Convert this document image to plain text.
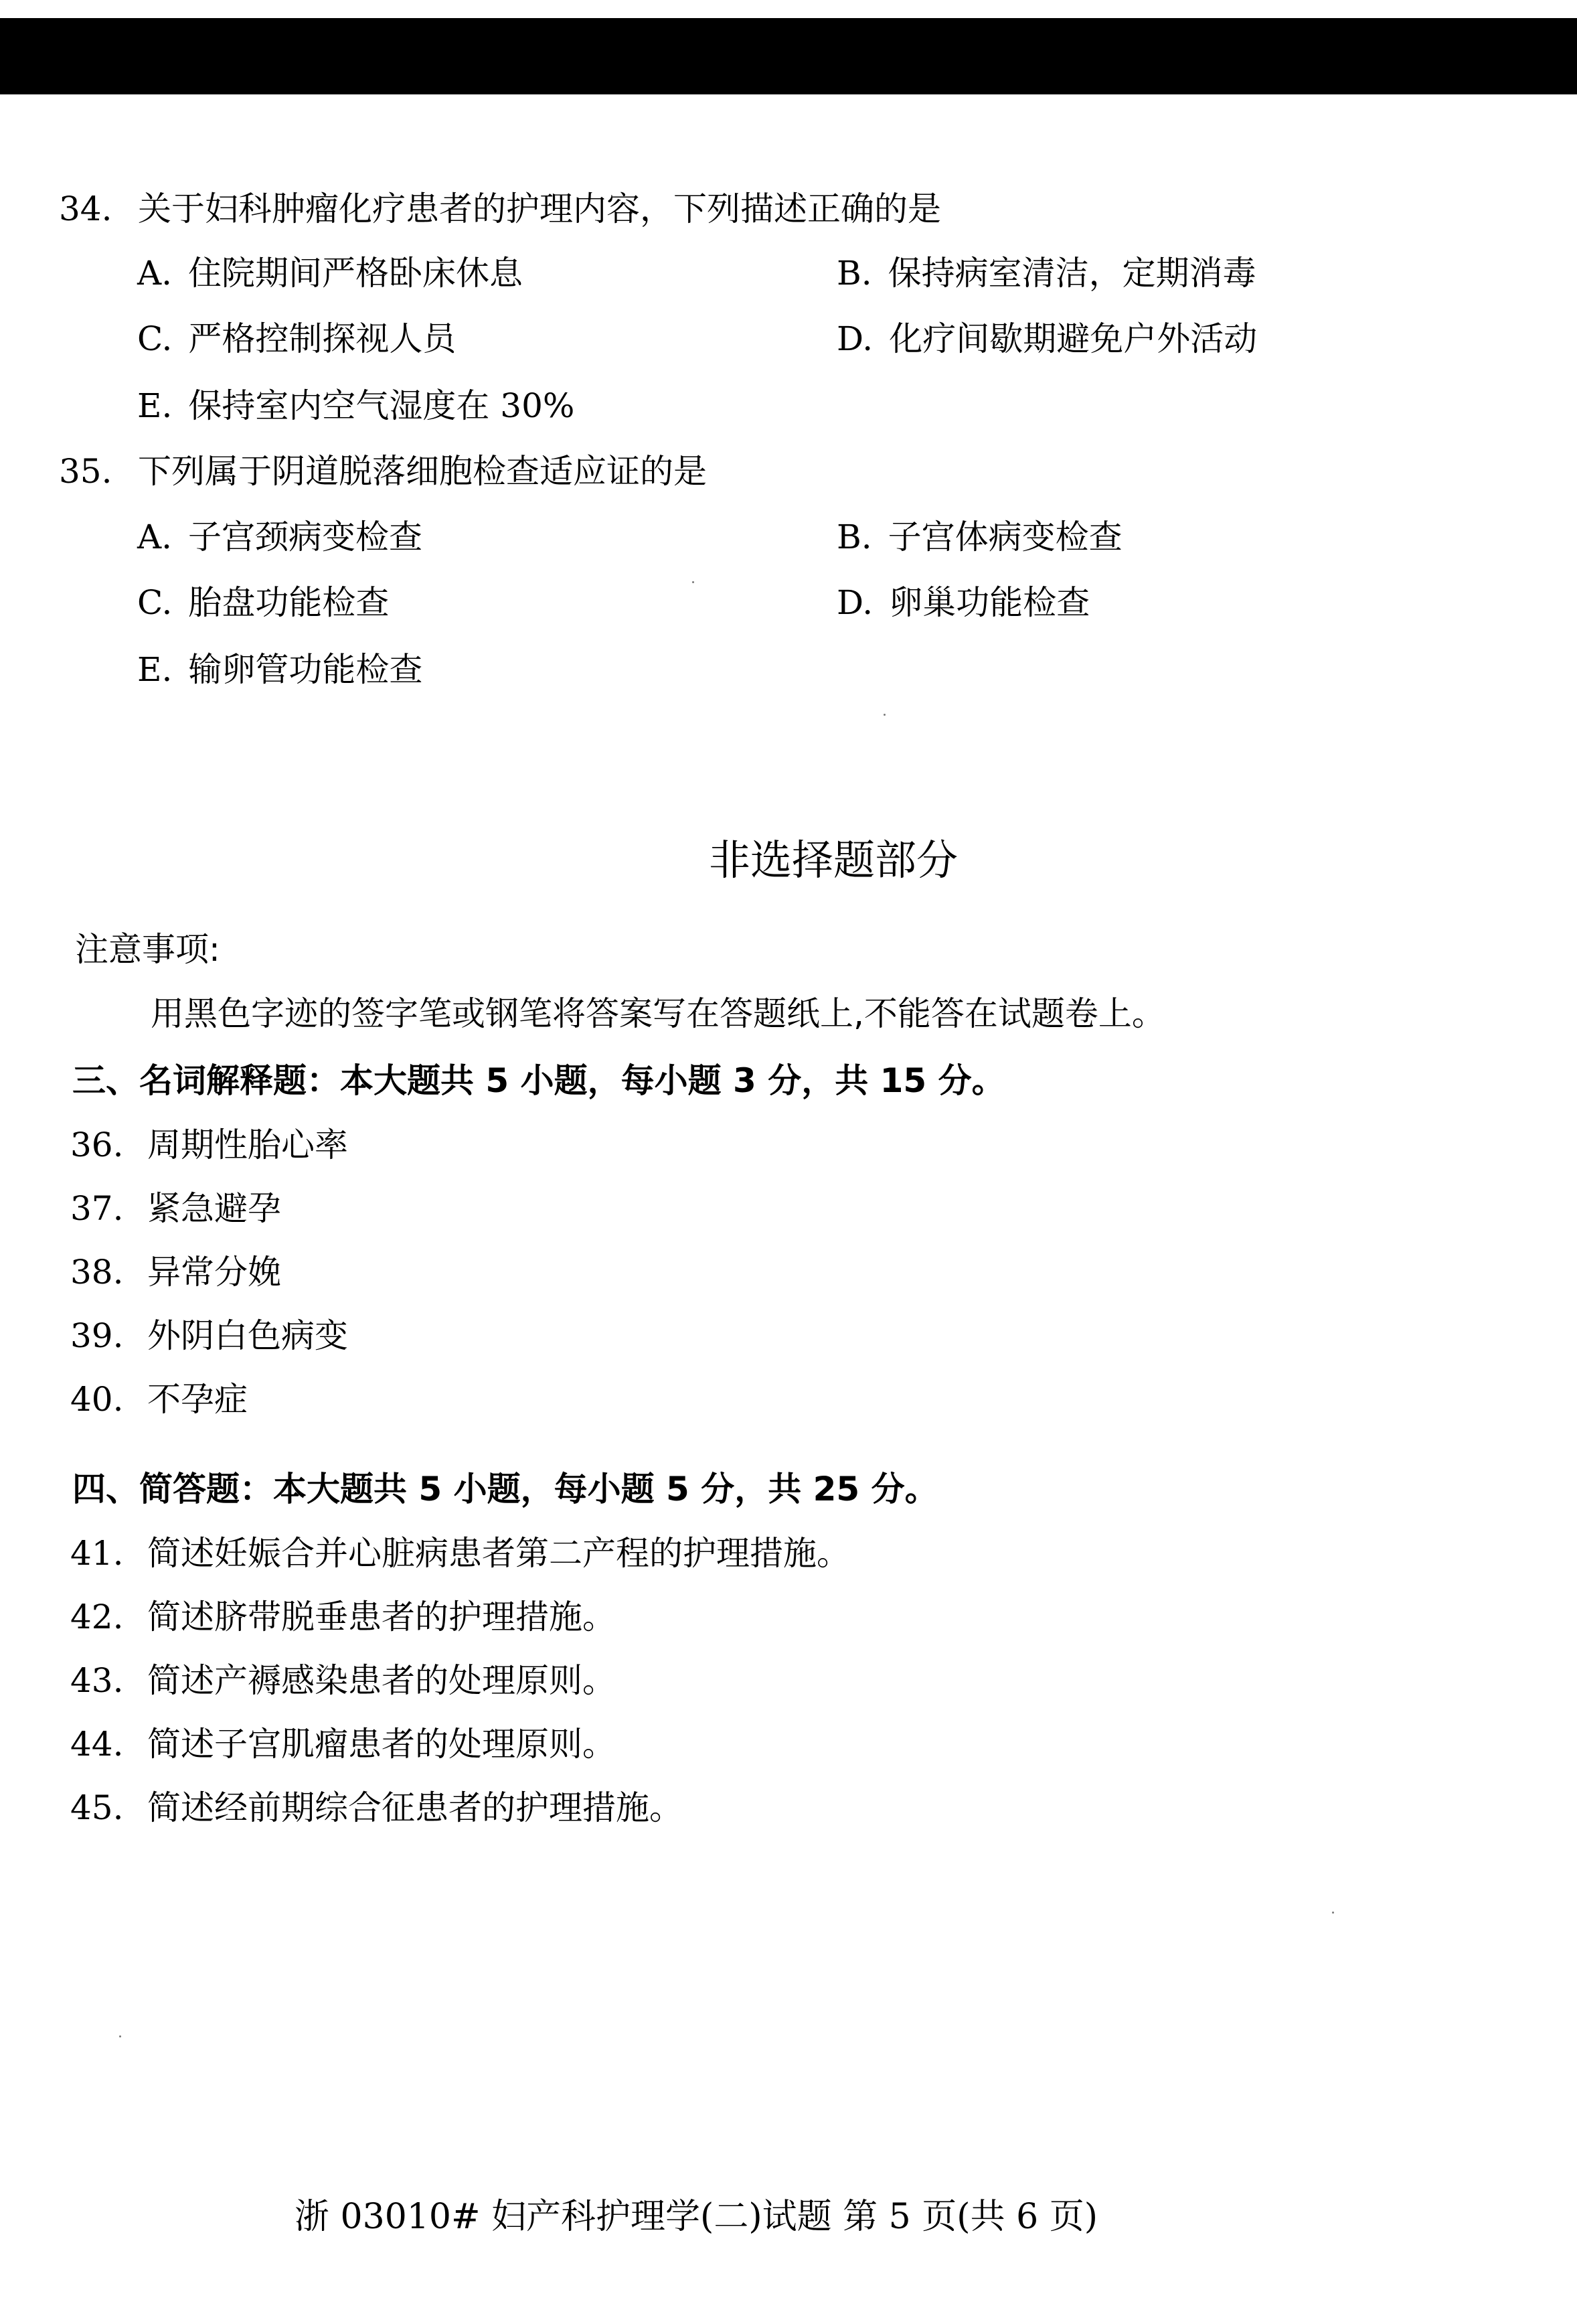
34. 关于妇科肿瘤化疗患者的护理内容，下列描述正确的是
A. 住院期间严格卧床休息	B. 保持病室清洁，定期消毒
C. 严格控制探视人员	D. 化疗间歇期避免户外活动
E. 保持室内空气湿度在 30%
35. 下列属于阴道脱落细胞检查适应证的是
A. 子宫颈病变检查	B. 子宫体病变检查
C. 胎盘功能检查	D. 卵巢功能检查
E. 输卵管功能检查
非选择题部分
注意事项:
用黑色字迹的签字笔或钢笔将答案写在答题纸上,不能答在试题卷上。
三、名词解释题：本大题共 5 小题，每小题 3 分，共 15 分。
36. 周期性胎心率
37. 紧急避孕
38. 异常分娩
39. 外阴白色病变
40. 不孕症
四、简答题：本大题共 5 小题，每小题 5 分，共 25 分。
41. 简述妊娠合并心脏病患者第二产程的护理措施。
42. 简述脐带脱垂患者的护理措施。
43. 简述产褥感染患者的处理原则。
44. 简述子宫肌瘤患者的处理原则。
45. 简述经前期综合征患者的护理措施。
浙 03010# 妇产科护理学(二)试题 第 5 页(共 6 页)
